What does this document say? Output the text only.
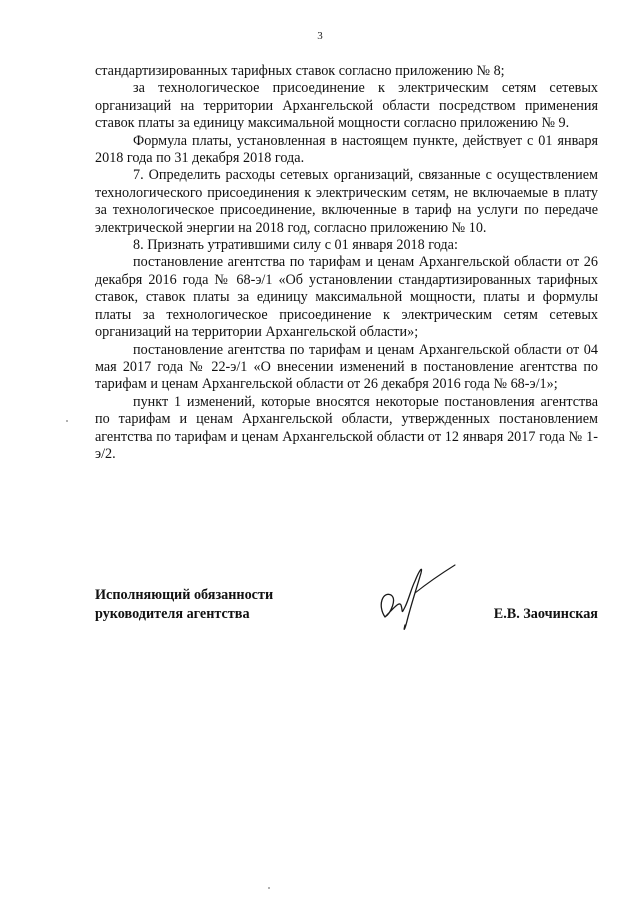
3

стандартизированных тарифных ставок согласно приложению № 8;

за технологическое присоединение к электрическим сетям сетевых организаций на территории Архангельской области посредством применения ставок платы за единицу максимальной мощности согласно приложению № 9.

Формула платы, установленная в настоящем пункте, действует с 01 января 2018 года по 31 декабря 2018 года.

7. Определить расходы сетевых организаций, связанные с осуществлением технологического присоединения к электрическим сетям, не включаемые в плату за технологическое присоединение, включенные в тариф на услуги по передаче электрической энергии на 2018 год, согласно приложению № 10.

8. Признать утратившими силу с 01 января 2018 года:

постановление агентства по тарифам и ценам Архангельской области от 26 декабря 2016 года № 68-э/1 «Об установлении стандартизированных тарифных ставок, ставок платы за единицу максимальной мощности, платы и формулы платы за технологическое присоединение к электрическим сетям сетевых организаций на территории Архангельской области»;

постановление агентства по тарифам и ценам Архангельской области от 04 мая 2017 года № 22-э/1 «О внесении изменений в постановление агентства по тарифам и ценам Архангельской области от 26 декабря 2016 года № 68-э/1»;

пункт 1 изменений, которые вносятся некоторые постановления агентства по тарифам и ценам Архангельской области, утвержденных постановлением агентства по тарифам и ценам Архангельской области от 12 января 2017 года № 1-э/2.

Исполняющий обязанности
руководителя агентства	Е.В. Заочинская
